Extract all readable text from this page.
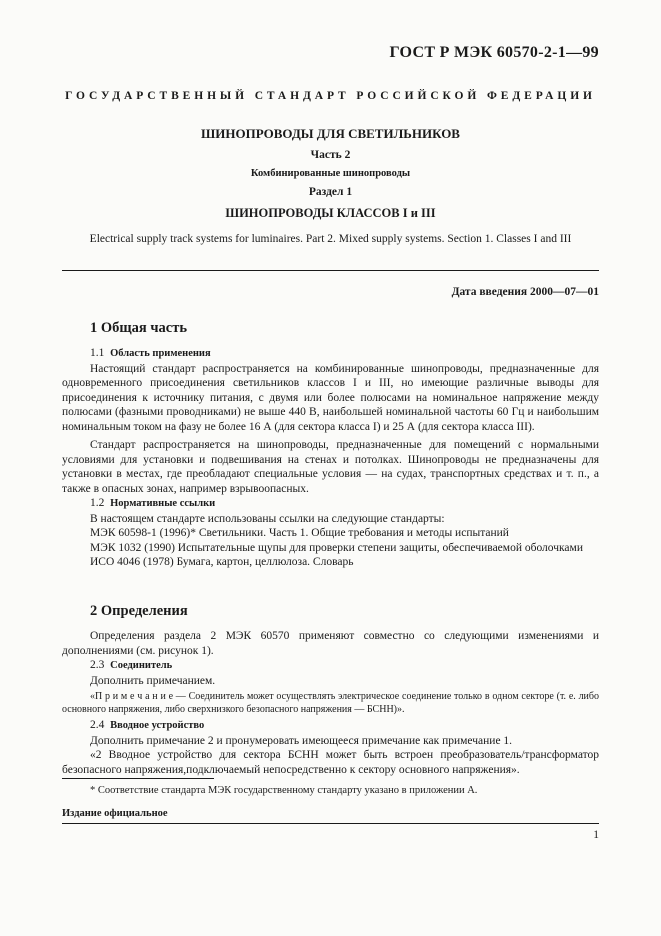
ГОСТ Р МЭК 60570-2-1—99
ГОСУДАРСТВЕННЫЙ СТАНДАРТ РОССИЙСКОЙ ФЕДЕРАЦИИ
ШИНОПРОВОДЫ ДЛЯ СВЕТИЛЬНИКОВ
Часть 2
Комбинированные шинопроводы
Раздел 1
ШИНОПРОВОДЫ КЛАССОВ I и III
Electrical supply track systems for luminaires. Part 2. Mixed supply systems. Section 1. Classes I and III
Дата введения 2000—07—01
1 Общая часть

1.1 Область применения

Настоящий стандарт распространяется на комбинированные шинопроводы, предназначенные для одновременного присоединения светильников классов I и III, но имеющие различные выводы для присоединения к источнику питания, с двумя или более полюсами на номинальное напряжение между полюсами (фазными проводниками) не выше 440 В, наибольшей номинальной частоты 60 Гц и наибольшим номинальным током на фазу не более 16 А (для сектора класса I) и 25 А (для сектора класса III).

Стандарт распространяется на шинопроводы, предназначенные для помещений с нормальными условиями для установки и подвешивания на стенах и потолках. Шинопроводы не предназначены для установки в местах, где преобладают специальные условия — на судах, транспортных средствах и т. п., а также в опасных зонах, например взрывоопасных.

1.2 Нормативные ссылки

В настоящем стандарте использованы ссылки на следующие стандарты:

МЭК 60598-1 (1996)* Светильники. Часть 1. Общие требования и методы испытаний

МЭК 1032 (1990) Испытательные щупы для проверки степени защиты, обеспечиваемой оболочками

ИСО 4046 (1978) Бумага, картон, целлюлоза. Словарь

2 Определения

Определения раздела 2 МЭК 60570 применяют совместно со следующими изменениями и дополнениями (см. рисунок 1).

2.3 Соединитель

Дополнить примечанием.

«П р и м е ч а н и е — Соединитель может осуществлять электрическое соединение только в одном секторе (т. е. либо основного напряжения, либо сверхнизкого безопасного напряжения — БСНН)».

2.4 Вводное устройство

Дополнить примечание 2 и пронумеровать имеющееся примечание как примечание 1.

«2 Вводное устройство для сектора БСНН может быть встроен преобразователь/трансформатор безопасного напряжения,подключаемый непосредственно к сектору основного напряжения».

* Соответствие стандарта МЭК государственному стандарту указано в приложении А.
Издание официальное
1
